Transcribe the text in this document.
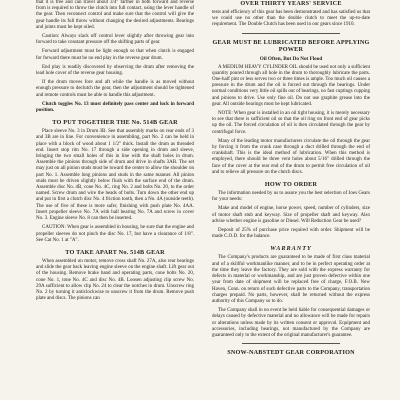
that it is free and can travel about 3/4" farther in both forward and reverse from is required to throw the clutch into full contact, using the lever handle of the gear. Then reconnect control and make sure that the control will give the gear handle its full throw without changing the desired adjustments. Bearings and joints must be kept oiled.

Caution: Always slack off control lever slightly after throwing gear into forward to take constant pressure off the shifting parts of gear.

Forward adjustment must be light enough so that when clutch is engaged for forward there must be no end play in the reverse gear drum.

End play is readily discovered by observing the drum after removing the lead hole cover of the reverse gear housing.

If the drum moves fore and aft while the handle is as moved without enough pressure to declutch the gear, then the adjustment should be tightened and remote controls must be able to handle this adjustment.

Clutch toggles No. 13 must definitely pass center and lock in forward position.

TO PUT TOGETHER THE No. 514B GEAR

Place sleeve No. 3 in Drum 3B. See that assembly marks on rear ends of 3 and 3B are in line. For convenience in assembling, part No. 2 can be held in place with a block of wood about 1 1/2" thick. Install the drum as threaded end. Insert stop rim No. 17 through a side opening in drum and sleeve, bringing the two small holes of this in line with the shaft holes in drum. Assemble the pinions through side of drum and drive in shafts 3AB. The set may just on all pinion studs must be toward the center to allow the shoulder on part No. 1. Assemble long pinions and studs in the same manner. All pinion studs must be driven slightly below flush with the surface end of the drum. Assemble disc No. 4B, cone No. 4C, ring No. 2 and bolts No. 20, to the order named. Screw drum and wire the heads of bolts. Turn down the other end up and put in first a clutch disc No. 4 friction tooth, then a No. 4A (outside teeth). The use of five of these is more safer, finishing with push plate No. 4AA. Insert propeller sleeve No. 7A with ball bearing No. 7A and screw in cover No. 3. Engine sleeve No. 8 can then be inserted.

CAUTION: When gear is assembled in housing, be sure that the engine and propeller sleeves do not pinch the disc No. 17, but have a clearance of 1/8". See Cat No. 1 at "A".

TO TAKE APART No. 514B GEAR

When assembled on motor, remove cross shaft No. 27A, also rear bearings and slide the gear back leaving engine sleeve on the engine shaft. Lift gear out of the housing. Remove brake band and operating parts, cone bolts No. 20, cone No. 1, tone No. 4C and disc No. 4B. Loosen adjusting clip screw No. 29A sufficient to allow clip No. 24 to clear the notches in drum. Unscrew ring No. 2 by turning it anticlockwise to unscrew it from the drum. Remove push plate and discs. The pinions can

OVER THIRTY YEARS' SERVICE

tests and efficiency of this gear has been demonstrated and has satisfied us that we could use no other than the double clutch to meet the up-to-date requirement. The Double Clutch has been used in our gears since 1910.

GEAR MUST BE LUBRICATED BEFORE APPLYING POWER
Oil Often, But Do Not Flood

A MEDIUM HEAVY CYLINDER OIL should be used not only a sufficient quantity poured through all hole in the drum to thoroughly lubricate the parts. One-half pint or less serves two or three times is ample. Too much oil causes a pressure in the drum and the oil is forced out through the bearings. Under normal conditions very little oil spills out of bearings, no fast cuptings cupping and pinions to drive. Use only fine oil. Do not use graphite grease into the gear. All outside bearings must be kept lubricated.

NOTE: When gear is installed in an oil tight housing, it is merely necessary to see that there is sufficient oil so that the oil ring on front end of gear picks up the oil. The forced circulation of oil is then circulated through the gear by centrifugal force.

Many of the leading motor manufacturers circulate the oil through the gear by forcing it from the crank case through a duct drilled through the end of crankshaft. This is the ideal method of lubrication. When this method is employed, there should be three vent holes about 5/16" drilled through the face of the cover at the rear end of the drum to permit free circulation of oil and to relieve all pressure on the clutch discs.

HOW TO ORDER

The information needed by us to assure you the best selection of Joes Gears for your needs:

Make and model of engine, horse power, speed, number of cylinders, size of motor shaft stub and keyway. Size of propeller shaft and keyway. Also advise whether engine is gasoline or Diesel. Will Reduction Gear be used?

Deposit of 25% of purchase price required with order. Shipment will be made C.O.D. for the balance.

WARRANTY

The Company's products are guaranteed to be made of first class material and of a skillful workmanlike manner, and to be in perfect operating order at the time they leave the factory. They are sold with the express warranty for defects in material or workmanship, and are just proven defective within one year from date of shipment will be replaced free of charge, F.O.B. New Haven, Conn. on return of such defective parts to the Company, transportation charges prepaid. No parts, however, shall be returned without the express authority of this Company so to do.

The Company shall in no event be held liable for consequential damages or delays caused by defective material and no allowance will be made for repairs or alterations unless made by its written consent or approval. Equipment and accessories, including bearings, not manufactured by the Company are guaranteed only to the extent of the original manufacturer's guarantee.

SNOW-NABSTEDT GEAR CORPORATION
